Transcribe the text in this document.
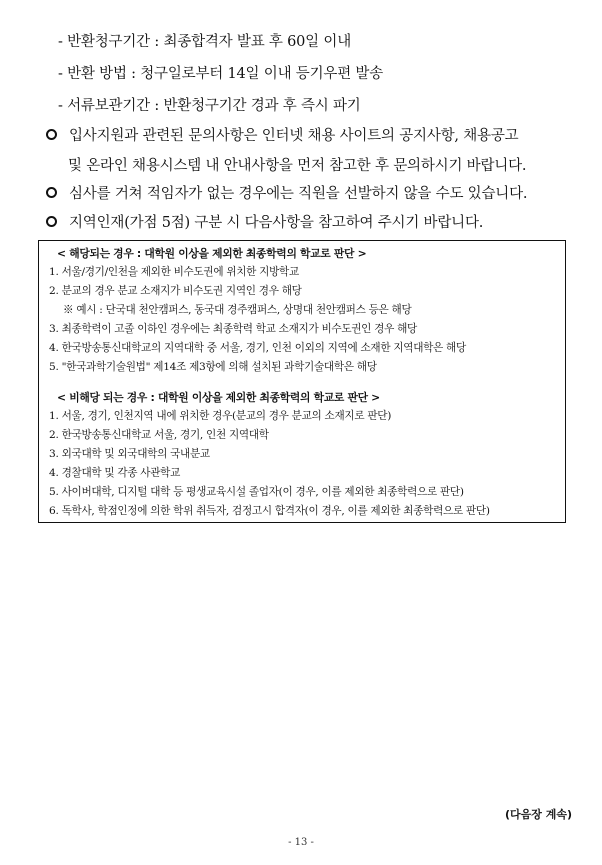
- 반환청구기간 : 최종합격자 발표 후 60일 이내
- 반환 방법 : 청구일로부터 14일 이내 등기우편 발송
- 서류보관기간 : 반환청구기간 경과 후 즉시 파기
입사지원과 관련된 문의사항은 인터넷 채용 사이트의 공지사항, 채용공고
및 온라인 채용시스템 내 안내사항을 먼저 참고한 후 문의하시기 바랍니다.
심사를 거쳐 적임자가 없는 경우에는 직원을 선발하지 않을 수도 있습니다.
지역인재(가점 5점) 구분 시 다음사항을 참고하여 주시기 바랍니다.
< 해당되는 경우 : 대학원 이상을 제외한 최종학력의 학교로 판단 >
1. 서울/경기/인천을 제외한 비수도권에 위치한 지방학교
2. 분교의 경우 분교 소재지가 비수도권 지역인 경우 해당
※ 예시 : 단국대 천안캠퍼스, 동국대 경주캠퍼스, 상명대 천안캠퍼스 등은 해당
3. 최종학력이 고졸 이하인 경우에는 최종학력 학교 소재지가 비수도권인 경우 해당
4. 한국방송통신대학교의 지역대학 중 서울, 경기, 인천 이외의 지역에 소재한 지역대학은 해당
5. "한국과학기술원법" 제14조 제3항에 의해 설치된 과학기술대학은 해당
< 비해당 되는 경우 : 대학원 이상을 제외한 최종학력의 학교로 판단 >
1. 서울, 경기, 인천지역 내에 위치한 경우(분교의 경우 분교의 소재지로 판단)
2. 한국방송통신대학교 서울, 경기, 인천 지역대학
3. 외국대학 및 외국대학의 국내분교
4. 경찰대학 및 각종 사관학교
5. 사이버대학, 디지털 대학 등 평생교육시설 졸업자(이 경우, 이를 제외한 최종학력으로 판단)
6. 독학사, 학점인정에 의한 학위 취득자, 검정고시 합격자(이 경우, 이를 제외한 최종학력으로 판단)
(다음장 계속)
- 13 -
